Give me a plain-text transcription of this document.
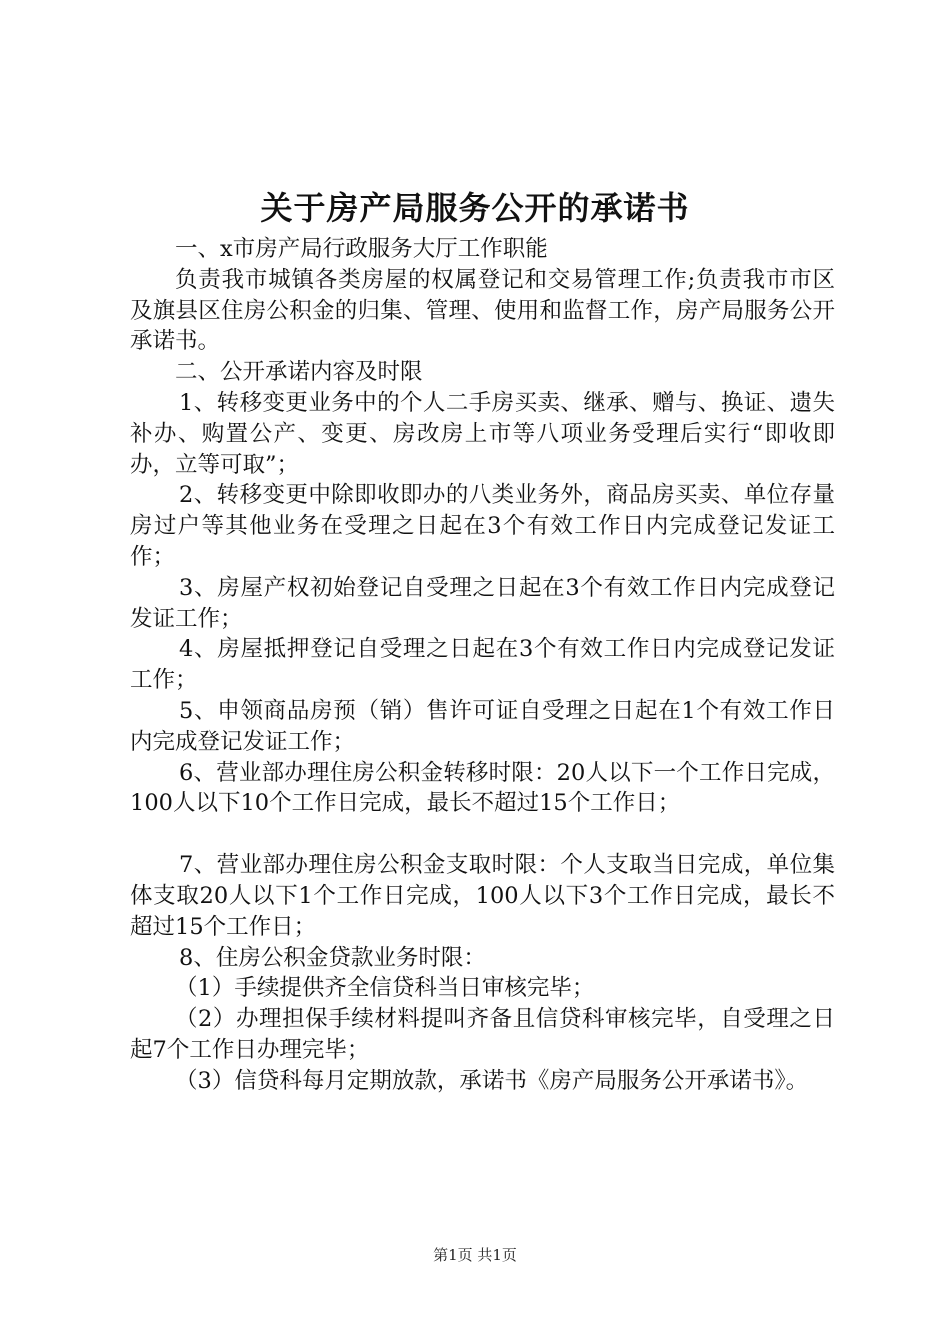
关于房产局服务公开的承诺书

一、x市房产局行政服务大厅工作职能

负责我市城镇各类房屋的权属登记和交易管理工作;负责我市市区及旗县区住房公积金的归集、管理、使用和监督工作，房产局服务公开承诺书。

二、公开承诺内容及时限

1、转移变更业务中的个人二手房买卖、继承、赠与、换证、遗失补办、购置公产、变更、房改房上市等八项业务受理后实行“即收即办，立等可取”；

2、转移变更中除即收即办的八类业务外，商品房买卖、单位存量房过户等其他业务在受理之日起在3个有效工作日内完成登记发证工作；

3、房屋产权初始登记自受理之日起在3个有效工作日内完成登记发证工作；

4、房屋抵押登记自受理之日起在3个有效工作日内完成登记发证工作；

5、申领商品房预（销）售许可证自受理之日起在1个有效工作日内完成登记发证工作；

6、营业部办理住房公积金转移时限：20人以下一个工作日完成，100人以下10个工作日完成，最长不超过15个工作日；

7、营业部办理住房公积金支取时限：个人支取当日完成，单位集体支取20人以下1个工作日完成，100人以下3个工作日完成，最长不超过15个工作日；

8、住房公积金贷款业务时限：

（1）手续提供齐全信贷科当日审核完毕；

（2）办理担保手续材料提叫齐备且信贷科审核完毕，自受理之日起7个工作日办理完毕；

（3）信贷科每月定期放款，承诺书《房产局服务公开承诺书》。

第1页 共1页
